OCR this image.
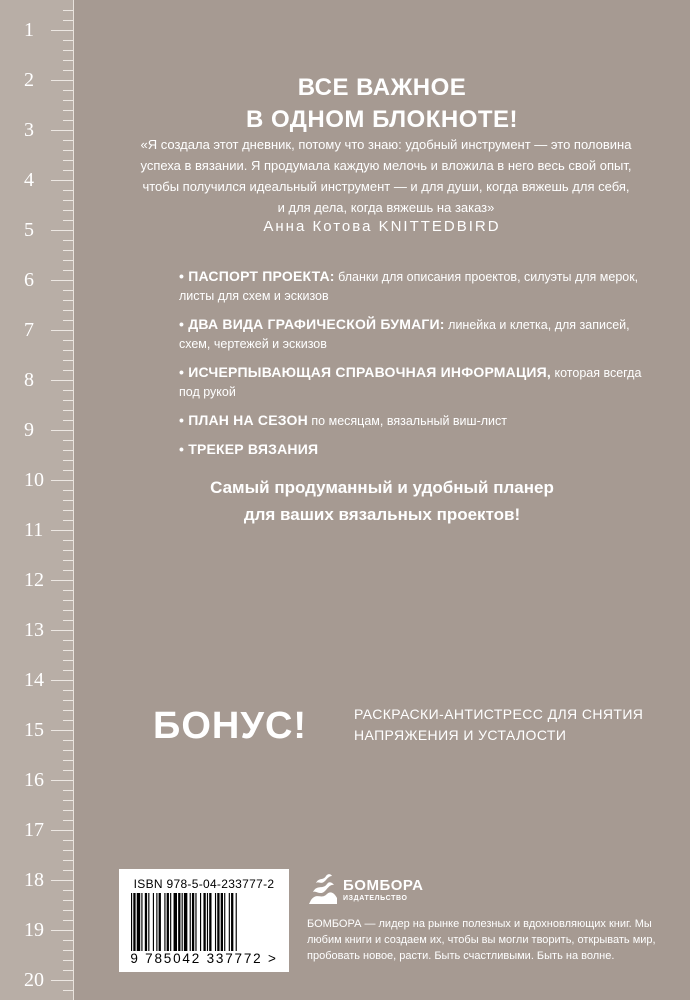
1
2
3
4
5
6
7
8
9
10
11
12
13
14
15
16
17
18
19
20
ВСЕ ВАЖНОЕ
В ОДНОМ БЛОКНОТЕ!
«Я создала этот дневник, потому что знаю: удобный инструмент — это половина успеха в вязании. Я продумала каждую мелочь и вложила в него весь свой опыт, чтобы получился идеальный инструмент — и для души, когда вяжешь для себя, и для дела, когда вяжешь на заказ»
Анна Котова KNITTEDBIRD
• ПАСПОРТ ПРОЕКТА: бланки для описания проектов, силуэты для мерок, листы для схем и эскизов
• ДВА ВИДА ГРАФИЧЕСКОЙ БУМАГИ: линейка и клетка, для записей, схем, чертежей и эскизов
• ИСЧЕРПЫВАЮЩАЯ СПРАВОЧНАЯ ИНФОРМАЦИЯ, которая всегда под рукой
• ПЛАН НА СЕЗОН по месяцам, вязальный виш-лист
• ТРЕКЕР ВЯЗАНИЯ
Самый продуманный и удобный планер
для ваших вязальных проектов!
БОНУС!	РАСКРАСКИ-АНТИСТРЕСС ДЛЯ СНЯТИЯ
НАПРЯЖЕНИЯ И УСТАЛОСТИ
ISBN 978-5-04-233777-2
9 785042 337772 >
БОМБОРА
ИЗДАТЕЛЬСТВО
БОМБОРА — лидер на рынке полезных и вдохновляющих книг. Мы любим книги и создаем их, чтобы вы могли творить, открывать мир, пробовать новое, расти. Быть счастливыми. Быть на волне.
